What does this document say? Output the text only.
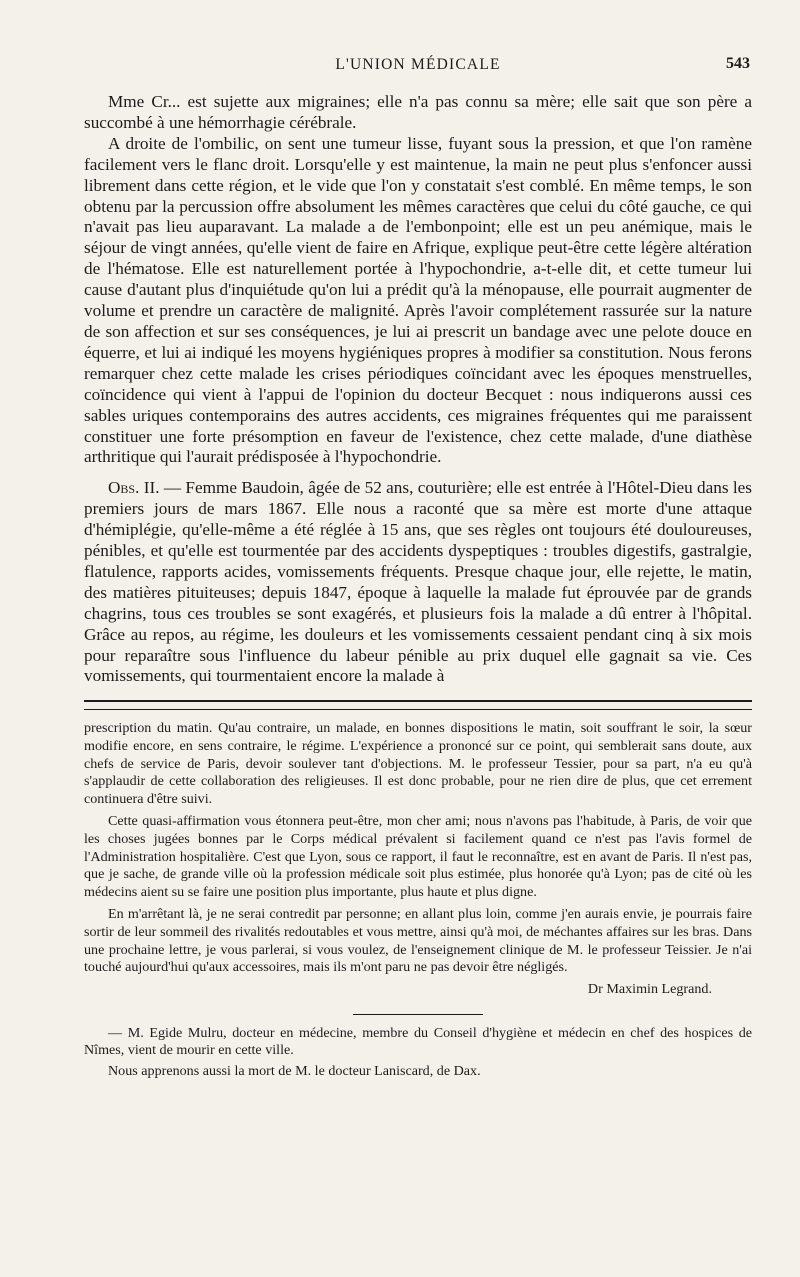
L'UNION MÉDICALE	543

Mme Cr... est sujette aux migraines; elle n'a pas connu sa mère; elle sait que son père a succombé à une hémorrhagie cérébrale.

A droite de l'ombilic, on sent une tumeur lisse, fuyant sous la pression, et que l'on ramène facilement vers le flanc droit. Lorsqu'elle y est maintenue, la main ne peut plus s'enfoncer aussi librement dans cette région, et le vide que l'on y constatait s'est comblé. En même temps, le son obtenu par la percussion offre absolument les mêmes caractères que celui du côté gauche, ce qui n'avait pas lieu auparavant. La malade a de l'embonpoint; elle est un peu anémique, mais le séjour de vingt années, qu'elle vient de faire en Afrique, explique peut-être cette légère altération de l'hématose. Elle est naturellement portée à l'hypochondrie, a-t-elle dit, et cette tumeur lui cause d'autant plus d'inquiétude qu'on lui a prédit qu'à la ménopause, elle pourrait augmenter de volume et prendre un caractère de malignité. Après l'avoir complétement rassurée sur la nature de son affection et sur ses conséquences, je lui ai prescrit un bandage avec une pelote douce en équerre, et lui ai indiqué les moyens hygiéniques propres à modifier sa constitution. Nous ferons remarquer chez cette malade les crises périodiques coïncidant avec les époques menstruelles, coïncidence qui vient à l'appui de l'opinion du docteur Becquet : nous indiquerons aussi ces sables uriques contemporains des autres accidents, ces migraines fréquentes qui me paraissent constituer une forte présomption en faveur de l'existence, chez cette malade, d'une diathèse arthritique qui l'aurait prédisposée à l'hypochondrie.

Obs. II. — Femme Baudoin, âgée de 52 ans, couturière; elle est entrée à l'Hôtel-Dieu dans les premiers jours de mars 1867. Elle nous a raconté que sa mère est morte d'une attaque d'hémiplégie, qu'elle-même a été réglée à 15 ans, que ses règles ont toujours été douloureuses, pénibles, et qu'elle est tourmentée par des accidents dyspeptiques : troubles digestifs, gastralgie, flatulence, rapports acides, vomissements fréquents. Presque chaque jour, elle rejette, le matin, des matières pituiteuses; depuis 1847, époque à laquelle la malade fut éprouvée par de grands chagrins, tous ces troubles se sont exagérés, et plusieurs fois la malade a dû entrer à l'hôpital. Grâce au repos, au régime, les douleurs et les vomissements cessaient pendant cinq à six mois pour reparaître sous l'influence du labeur pénible au prix duquel elle gagnait sa vie. Ces vomissements, qui tourmentaient encore la malade à

prescription du matin. Qu'au contraire, un malade, en bonnes dispositions le matin, soit souffrant le soir, la sœur modifie encore, en sens contraire, le régime. L'expérience a prononcé sur ce point, qui semblerait sans doute, aux chefs de service de Paris, devoir soulever tant d'objections. M. le professeur Tessier, pour sa part, n'a eu qu'à s'applaudir de cette collaboration des religieuses. Il est donc probable, pour ne rien dire de plus, que cet errement continuera d'être suivi.

Cette quasi-affirmation vous étonnera peut-être, mon cher ami; nous n'avons pas l'habitude, à Paris, de voir que les choses jugées bonnes par le Corps médical prévalent si facilement quand ce n'est pas l'avis formel de l'Administration hospitalière. C'est que Lyon, sous ce rapport, il faut le reconnaître, est en avant de Paris. Il n'est pas, que je sache, de grande ville où la profession médicale soit plus estimée, plus honorée qu'à Lyon; pas de cité où les médecins aient su se faire une position plus importante, plus haute et plus digne.

En m'arrêtant là, je ne serai contredit par personne; en allant plus loin, comme j'en aurais envie, je pourrais faire sortir de leur sommeil des rivalités redoutables et vous mettre, ainsi qu'à moi, de méchantes affaires sur les bras. Dans une prochaine lettre, je vous parlerai, si vous voulez, de l'enseignement clinique de M. le professeur Teissier. Je n'ai touché aujourd'hui qu'aux accessoires, mais ils m'ont paru ne pas devoir être négligés.

Dr Maximin Legrand.

— M. Egide Mulru, docteur en médecine, membre du Conseil d'hygiène et médecin en chef des hospices de Nîmes, vient de mourir en cette ville.

Nous apprenons aussi la mort de M. le docteur Laniscard, de Dax.
